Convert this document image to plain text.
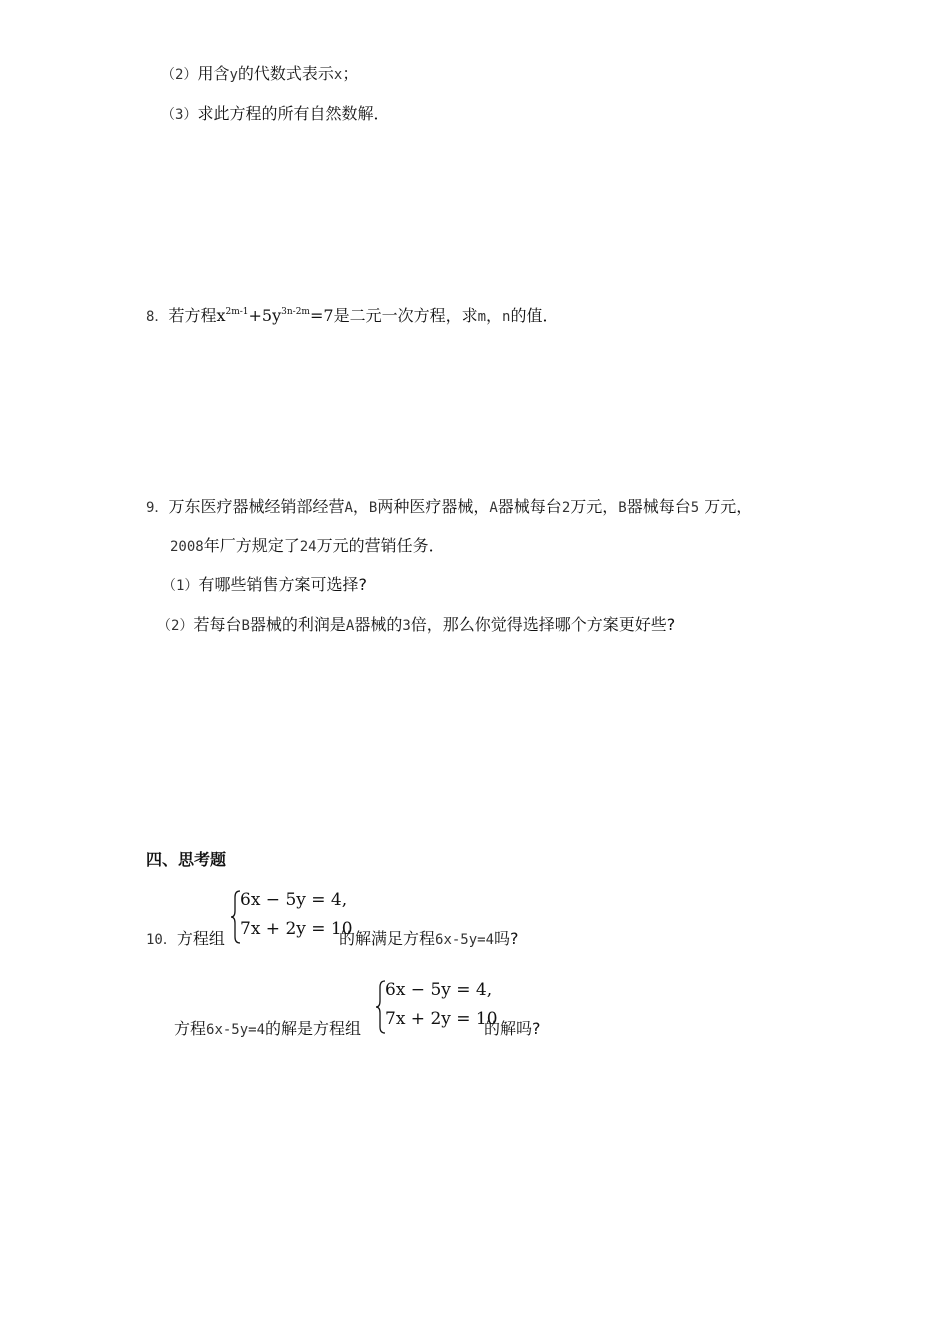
（2）用含y的代数式表示x；
（3）求此方程的所有自然数解．
8．若方程$x^{2m-1}+5y^{3n-2m}=7$是二元一次方程，求m，n的值．
9．万东医疗器械经销部经营A，B两种医疗器械，A器械每台2万元，B器械每台5 万元，
2008年厂方规定了24万元的营销任务．
（1）有哪些销售方案可选择?
（2）若每台B器械的利润是A器械的3倍，那么你觉得选择哪个方案更好些?
四、思考题
10．方程组
6x − 5y = 4,
7x + 2y = 10
的解满足方程6x-5y=4吗?
方程6x-5y=4的解是方程组
6x − 5y = 4,
7x + 2y = 10
的解吗?
